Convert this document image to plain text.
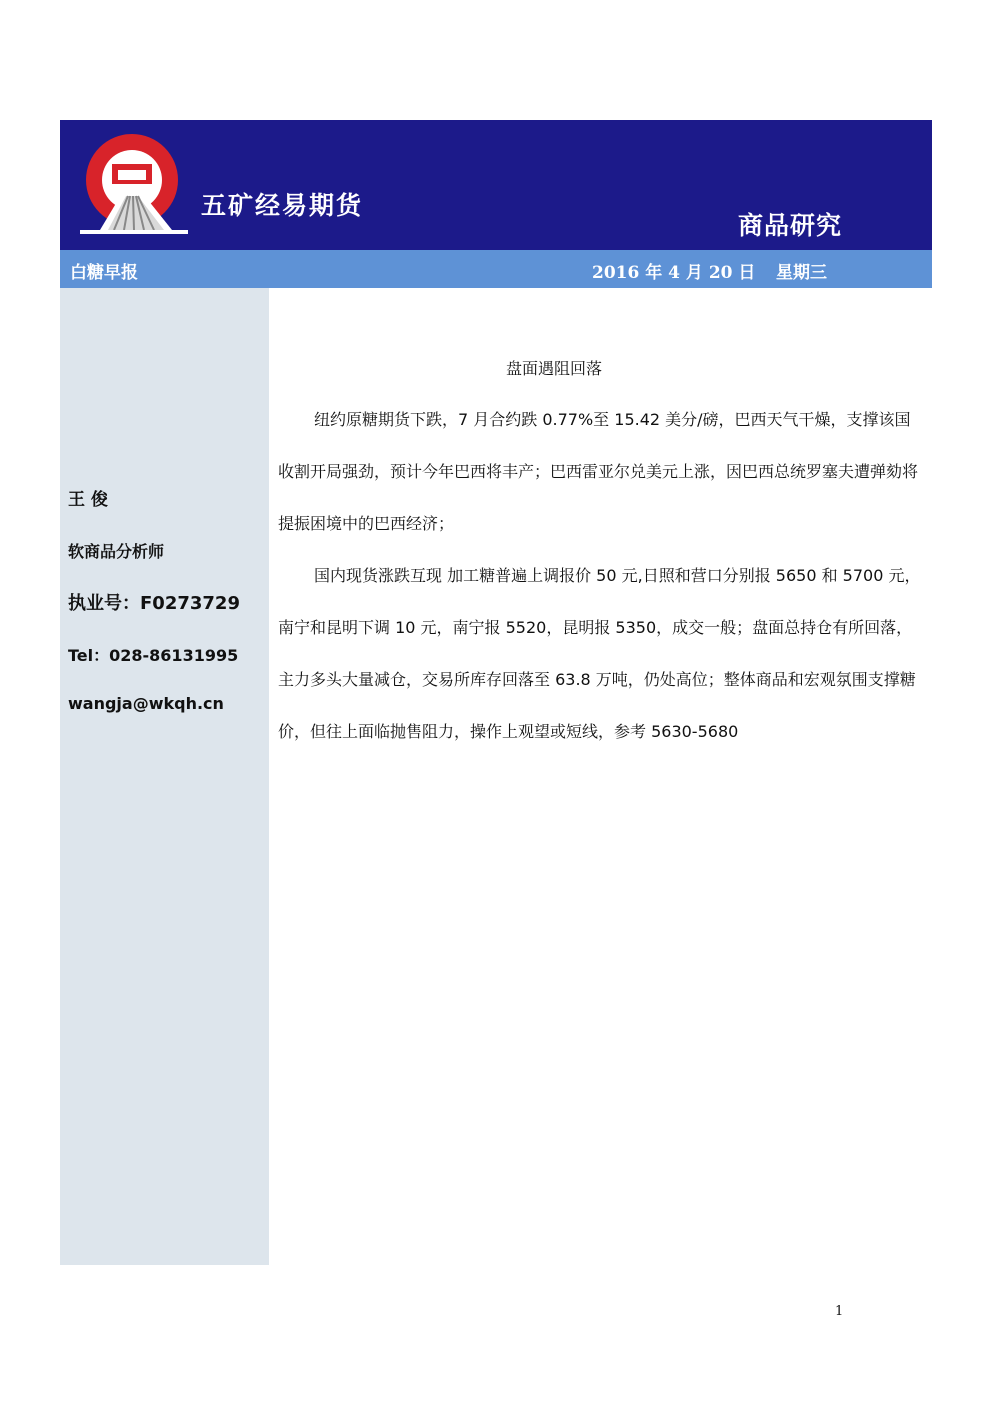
五矿经易期货
商品研究
白糖早报	2016 年 4 月 20 日 星期三
王 俊
软商品分析师
执业号：F0273729
Tel：028-86131995
wangja@wkqh.cn
盘面遇阻回落

纽约原糖期货下跌，7 月合约跌 0.77%至 15.42 美分/磅，巴西天气干燥，支撑该国收割开局强劲，预计今年巴西将丰产；巴西雷亚尔兑美元上涨，因巴西总统罗塞夫遭弹劾将提振困境中的巴西经济；

国内现货涨跌互现 加工糖普遍上调报价 50 元,日照和营口分别报 5650 和 5700 元，南宁和昆明下调 10 元，南宁报 5520，昆明报 5350，成交一般；盘面总持仓有所回落，主力多头大量减仓，交易所库存回落至 63.8 万吨，仍处高位；整体商品和宏观氛围支撑糖价，但往上面临抛售阻力，操作上观望或短线，参考 5630-5680

1
